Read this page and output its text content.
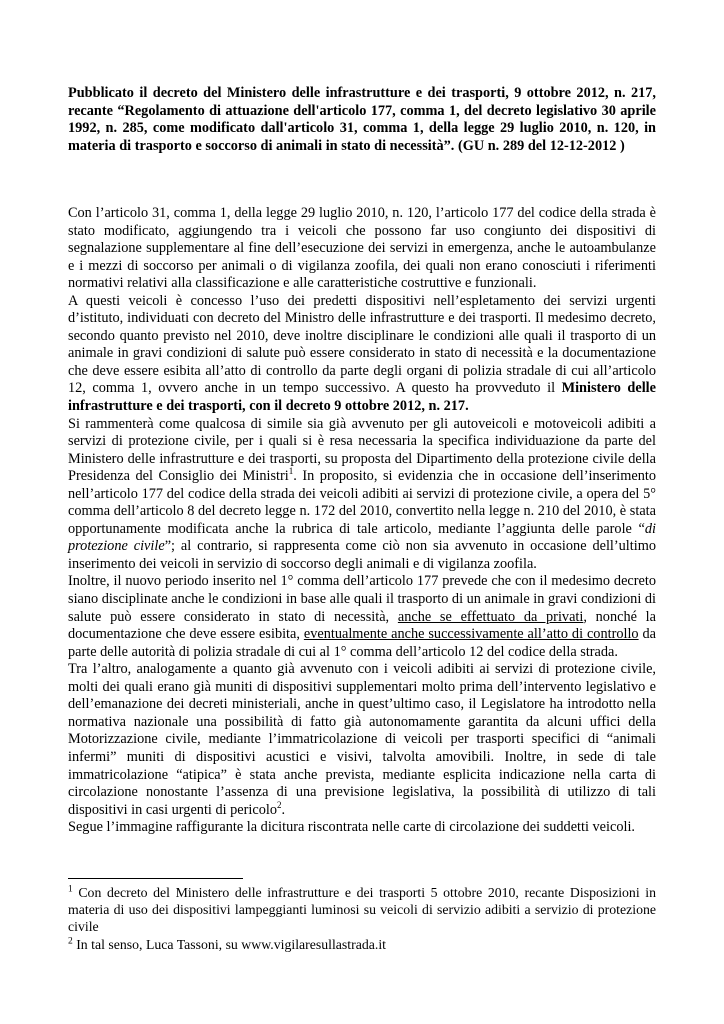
Pubblicato il decreto del Ministero delle infrastrutture e dei trasporti, 9 ottobre 2012, n. 217, recante “Regolamento di attuazione dell'articolo 177, comma 1, del decreto legislativo 30 aprile 1992, n. 285, come modificato dall'articolo 31, comma 1, della legge 29 luglio 2010, n. 120, in materia di trasporto e soccorso di animali in stato di necessità”. (GU n. 289 del 12-12-2012 )

Con l’articolo 31, comma 1, della legge 29 luglio 2010, n. 120, l’articolo 177 del codice della strada è stato modificato, aggiungendo tra i veicoli che possono far uso congiunto dei dispositivi di segnalazione supplementare al fine dell’esecuzione dei servizi in emergenza, anche le autoambulanze e i mezzi di soccorso per animali o di vigilanza zoofila, dei quali non erano conosciuti i riferimenti normativi relativi alla classificazione e alle caratteristiche costruttive e funzionali.

A questi veicoli è concesso l’uso dei predetti dispositivi nell’espletamento dei servizi urgenti d’istituto, individuati con decreto del Ministro delle infrastrutture e dei trasporti. Il medesimo decreto, secondo quanto previsto nel 2010, deve inoltre disciplinare le condizioni alle quali il trasporto di un animale in gravi condizioni di salute può essere considerato in stato di necessità e la documentazione che deve essere esibita all’atto di controllo da parte degli organi di polizia stradale di cui all’articolo 12, comma 1, ovvero anche in un tempo successivo. A questo ha provveduto il Ministero delle infrastrutture e dei trasporti, con il decreto 9 ottobre 2012, n. 217.

Si rammenterà come qualcosa di simile sia già avvenuto per gli autoveicoli e motoveicoli adibiti a servizi di protezione civile, per i quali si è resa necessaria la specifica individuazione da parte del Ministero delle infrastrutture e dei trasporti, su proposta del Dipartimento della protezione civile della Presidenza del Consiglio dei Ministri$^1$. In proposito, si evidenzia che in occasione dell’inserimento nell’articolo 177 del codice della strada dei veicoli adibiti ai servizi di protezione civile, a opera del 5° comma dell’articolo 8 del decreto legge n. 172 del 2010, convertito nella legge n. 210 del 2010, è stata opportunamente modificata anche la rubrica di tale articolo, mediante l’aggiunta delle parole “di protezione civile”; al contrario, si rappresenta come ciò non sia avvenuto in occasione dell’ultimo inserimento dei veicoli in servizio di soccorso degli animali e di vigilanza zoofila.

Inoltre, il nuovo periodo inserito nel 1° comma dell’articolo 177 prevede che con il medesimo decreto siano disciplinate anche le condizioni in base alle quali il trasporto di un animale in gravi condizioni di salute può essere considerato in stato di necessità, anche se effettuato da privati, nonché la documentazione che deve essere esibita, eventualmente anche successivamente all’atto di controllo da parte delle autorità di polizia stradale di cui al 1° comma dell’articolo 12 del codice della strada.

Tra l’altro, analogamente a quanto già avvenuto con i veicoli adibiti ai servizi di protezione civile, molti dei quali erano già muniti di dispositivi supplementari molto prima dell’intervento legislativo e dell’emanazione dei decreti ministeriali, anche in quest’ultimo caso, il Legislatore ha introdotto nella normativa nazionale una possibilità di fatto già autonomamente garantita da alcuni uffici della Motorizzazione civile, mediante l’immatricolazione di veicoli per trasporti specifici di “animali infermi” muniti di dispositivi acustici e visivi, talvolta amovibili. Inoltre, in sede di tale immatricolazione “atipica” è stata anche prevista, mediante esplicita indicazione nella carta di circolazione nonostante l’assenza di una previsione legislativa, la possibilità di utilizzo di tali dispositivi in casi urgenti di pericolo$^2$.

Segue l’immagine raffigurante la dicitura riscontrata nelle carte di circolazione dei suddetti veicoli.

$^1$ Con decreto del Ministero delle infrastrutture e dei trasporti 5 ottobre 2010, recante Disposizioni in materia di uso dei dispositivi lampeggianti luminosi su veicoli di servizio adibiti a servizio di protezione civile

$^2$ In tal senso, Luca Tassoni, su www.vigilaresullastrada.it
